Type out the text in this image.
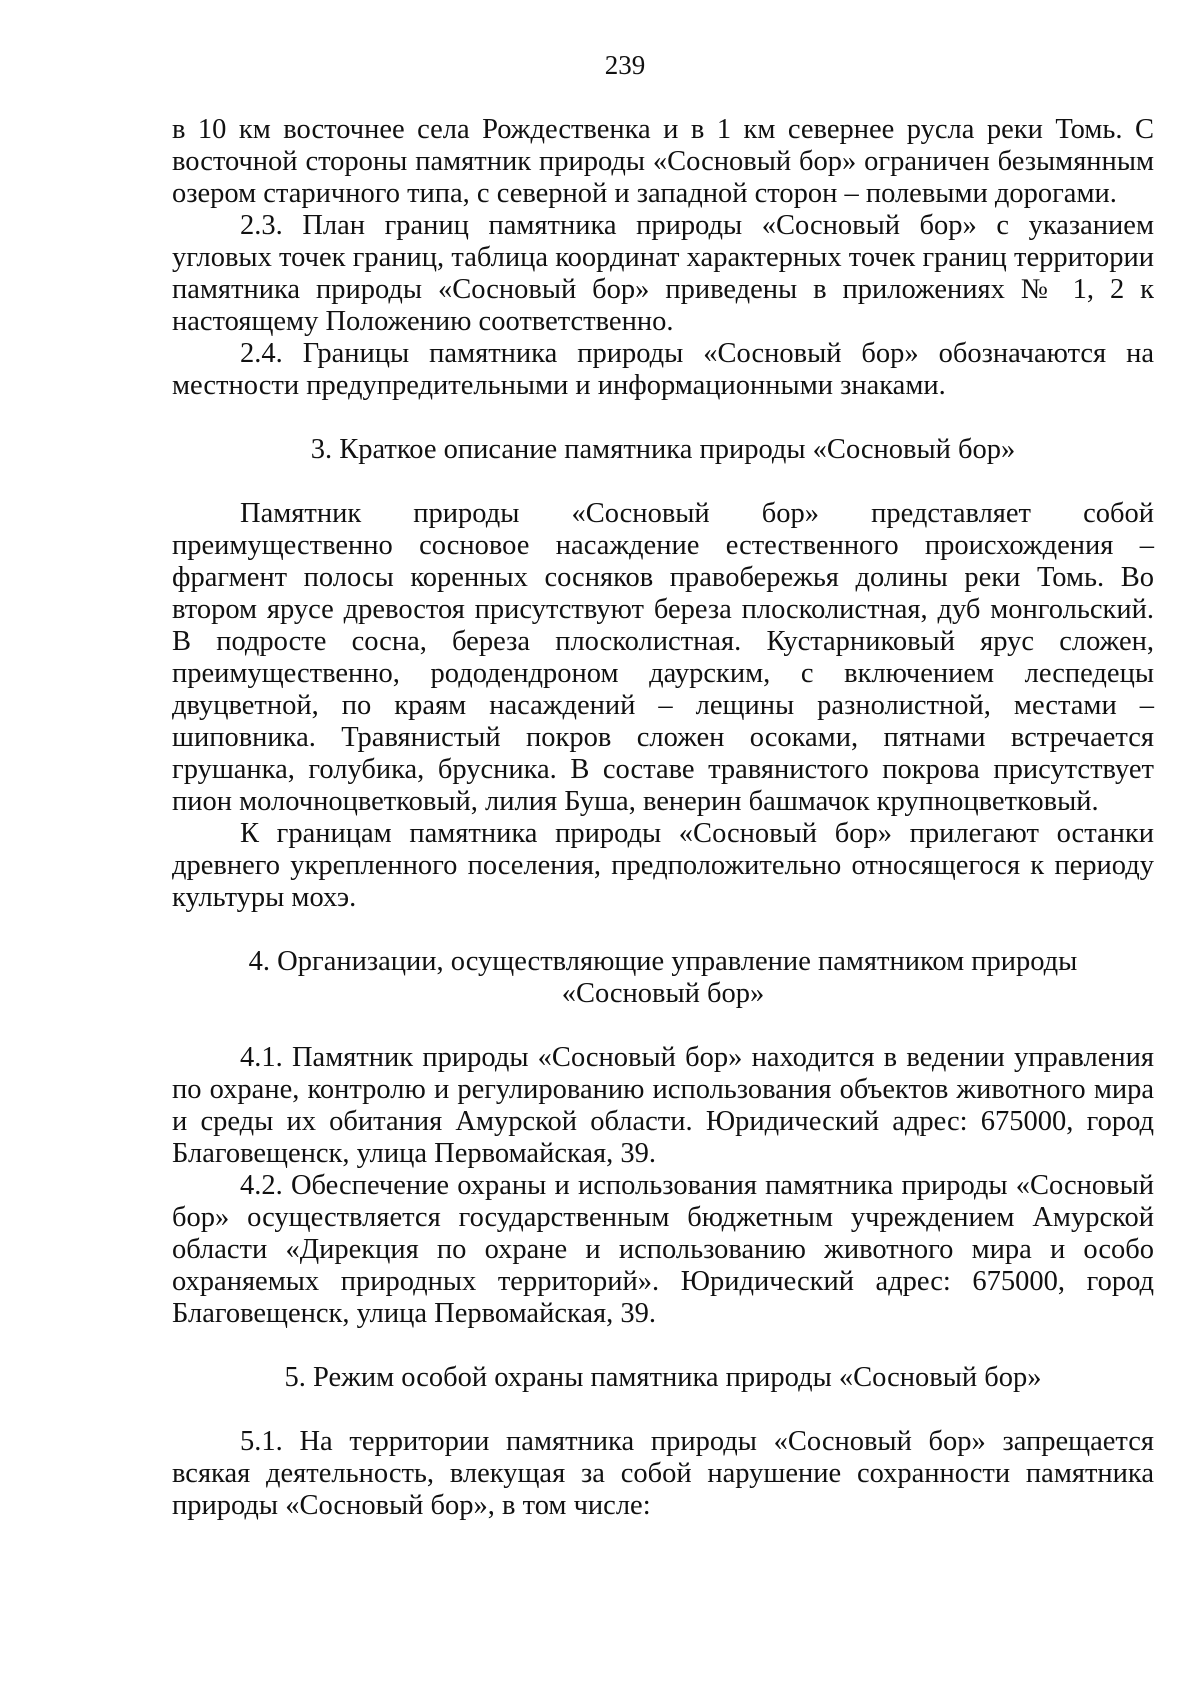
239

в 10 км восточнее села Рождественка и в 1 км севернее русла реки Томь. С восточной стороны памятник природы «Сосновый бор» ограничен безымянным озером старичного типа, с северной и западной сторон – полевыми дорогами.

2.3. План границ памятника природы «Сосновый бор» с указанием угловых точек границ, таблица координат характерных точек границ территории памятника природы «Сосновый бор» приведены в приложениях № 1, 2 к настоящему Положению соответственно.

2.4. Границы памятника природы «Сосновый бор» обозначаются на местности предупредительными и информационными знаками.

3. Краткое описание памятника природы «Сосновый бор»

Памятник природы «Сосновый бор» представляет собой преимущественно сосновое насаждение естественного происхождения – фрагмент полосы коренных сосняков правобережья долины реки Томь. Во втором ярусе древостоя присутствуют береза плосколистная, дуб монгольский. В подросте сосна, береза плосколистная. Кустарниковый ярус сложен, преимущественно, рододендроном даурским, с включением леспедецы двуцветной, по краям насаждений – лещины разнолистной, местами – шиповника. Травянистый покров сложен осоками, пятнами встречается грушанка, голубика, брусника. В составе травянистого покрова присутствует пион молочноцветковый, лилия Буша, венерин башмачок крупноцветковый.

К границам памятника природы «Сосновый бор» прилегают останки древнего укрепленного поселения, предположительно относящегося к периоду культуры мохэ.

4. Организации, осуществляющие управление памятником природы
«Сосновый бор»

4.1. Памятник природы «Сосновый бор» находится в ведении управления по охране, контролю и регулированию использования объектов животного мира и среды их обитания Амурской области. Юридический адрес: 675000, город Благовещенск, улица Первомайская, 39.

4.2. Обеспечение охраны и использования памятника природы «Сосновый бор» осуществляется государственным бюджетным учреждением Амурской области «Дирекция по охране и использованию животного мира и особо охраняемых природных территорий». Юридический адрес: 675000, город Благовещенск, улица Первомайская, 39.

5. Режим особой охраны памятника природы «Сосновый бор»

5.1. На территории памятника природы «Сосновый бор» запрещается всякая деятельность, влекущая за собой нарушение сохранности памятника природы «Сосновый бор», в том числе:
